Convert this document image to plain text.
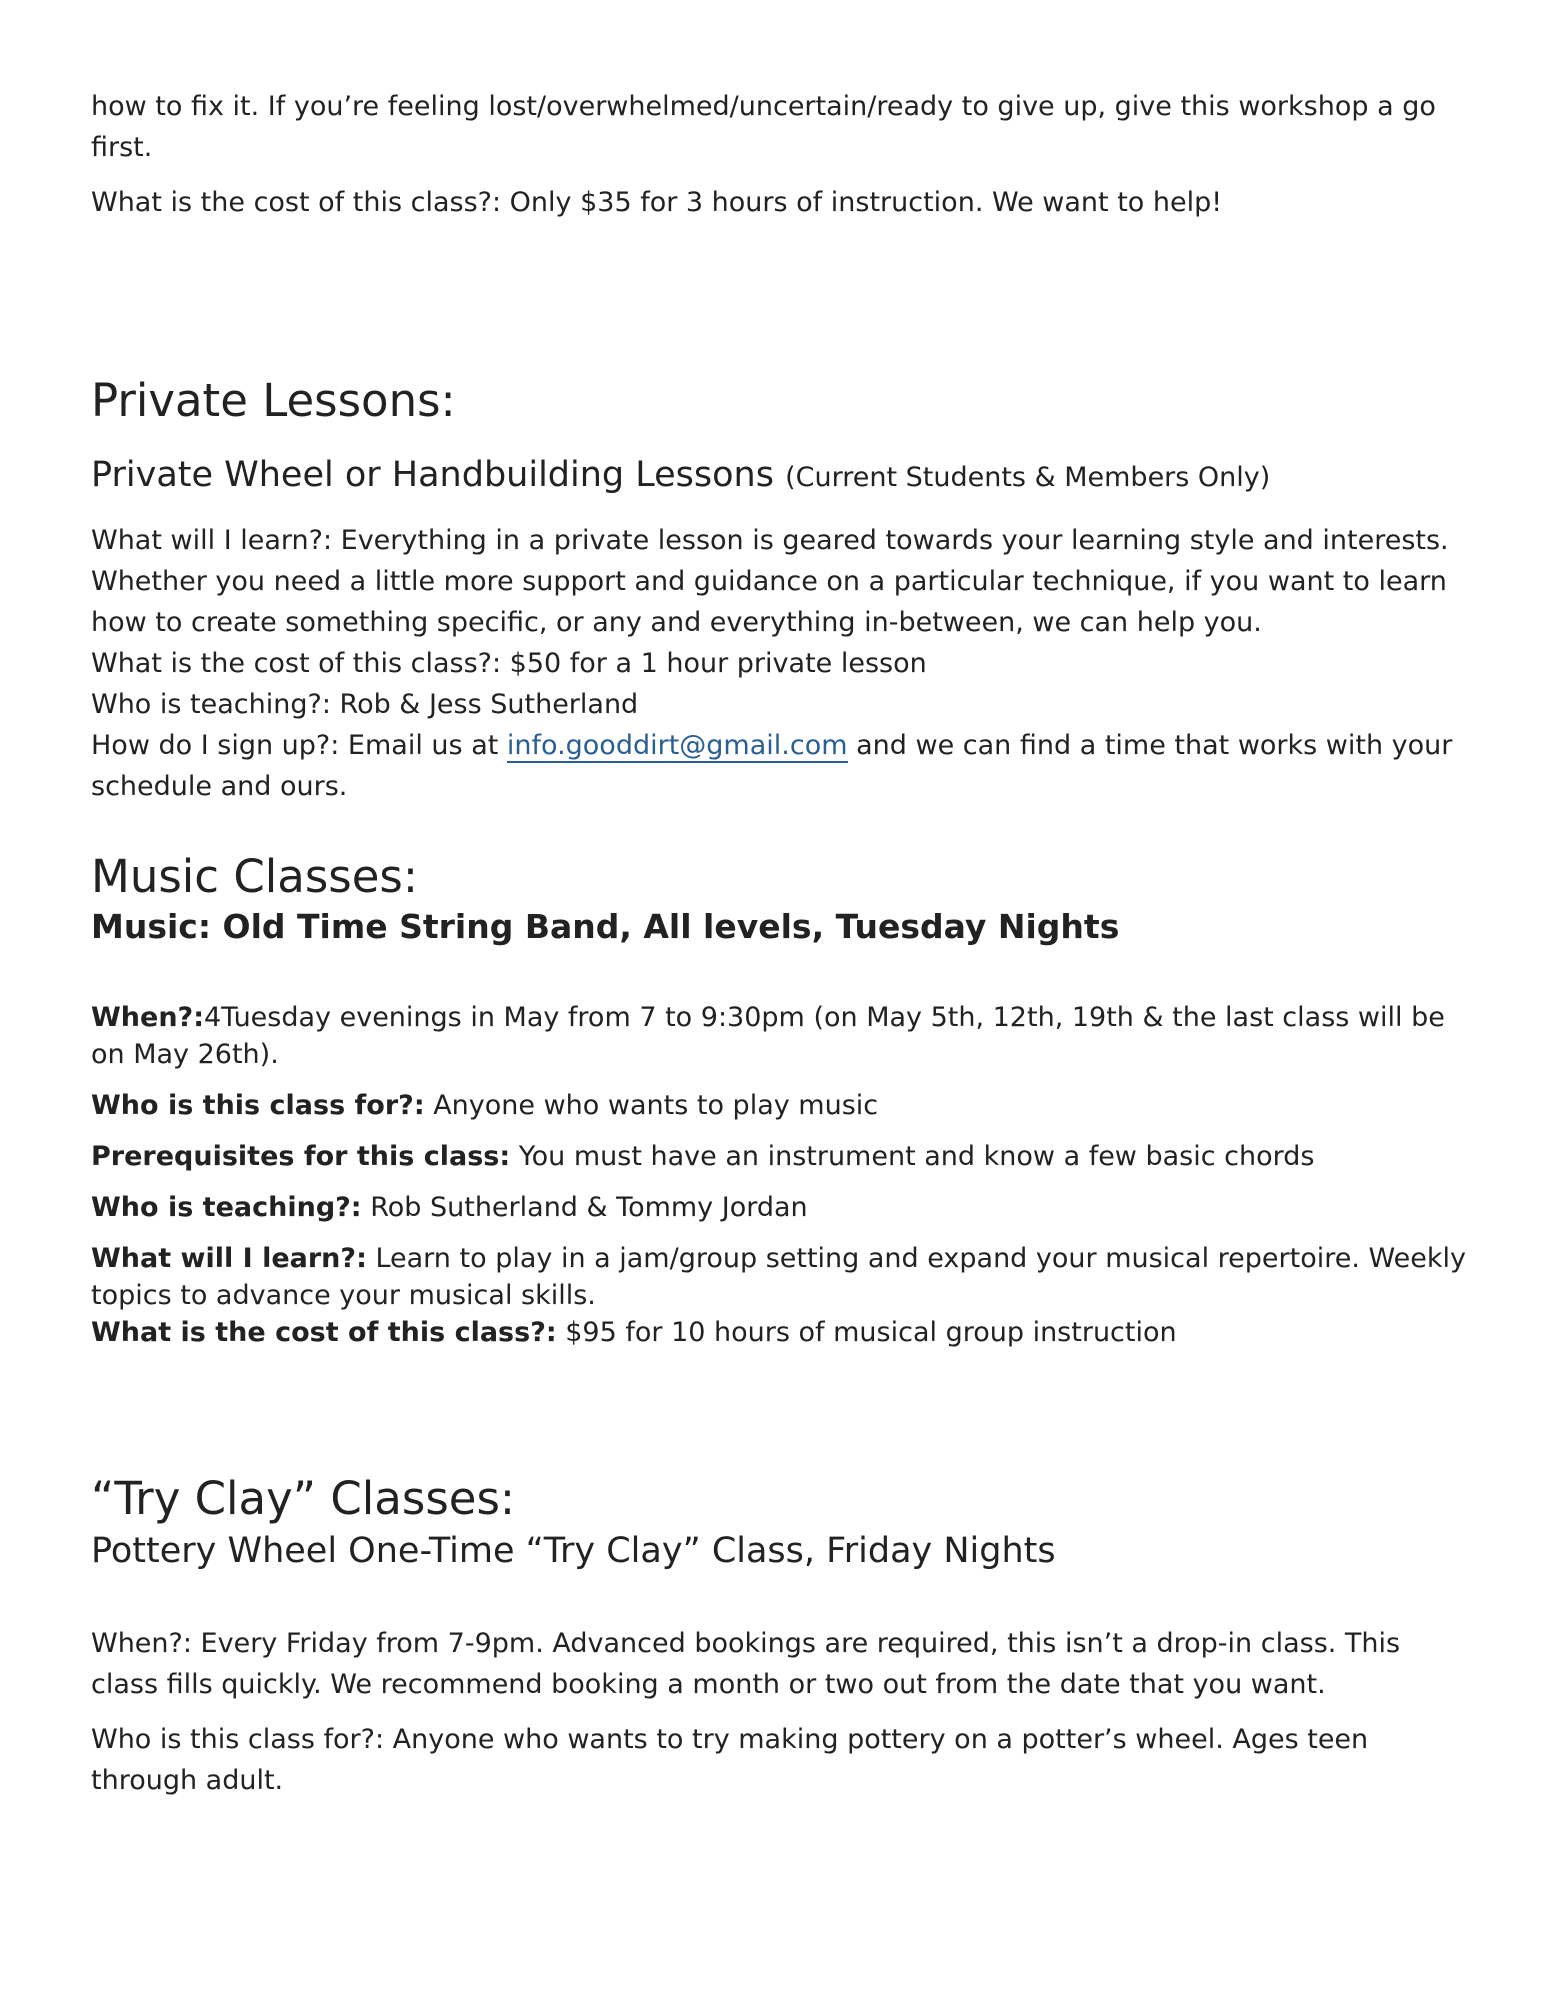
how to fix it. If you’re feeling lost/overwhelmed/uncertain/ready to give up, give this workshop a go first.

What is the cost of this class?: Only $35 for 3 hours of instruction. We want to help!

Private Lessons:
Private Wheel or Handbuilding Lessons (Current Students & Members Only)

What will I learn?: Everything in a private lesson is geared towards your learning style and interests. Whether you need a little more support and guidance on a particular technique, if you want to learn how to create something specific, or any and everything in-between, we can help you.

What is the cost of this class?: $50 for a 1 hour private lesson

Who is teaching?: Rob & Jess Sutherland

How do I sign up?: Email us at info.gooddirt@gmail.com and we can find a time that works with your schedule and ours.

Music Classes:
Music: Old Time String Band, All levels, Tuesday Nights

When?:4Tuesday evenings in May from 7 to 9:30pm (on May 5th, 12th, 19th & the last class will be on May 26th).

Who is this class for?: Anyone who wants to play music

Prerequisites for this class: You must have an instrument and know a few basic chords

Who is teaching?: Rob Sutherland & Tommy Jordan

What will I learn?: Learn to play in a jam/group setting and expand your musical repertoire. Weekly topics to advance your musical skills.

What is the cost of this class?: $95 for 10 hours of musical group instruction

“Try Clay” Classes:
Pottery Wheel One-Time “Try Clay” Class, Friday Nights

When?: Every Friday from 7-9pm. Advanced bookings are required, this isn’t a drop-in class. This class fills quickly. We recommend booking a month or two out from the date that you want.

Who is this class for?: Anyone who wants to try making pottery on a potter’s wheel. Ages teen through adult.
